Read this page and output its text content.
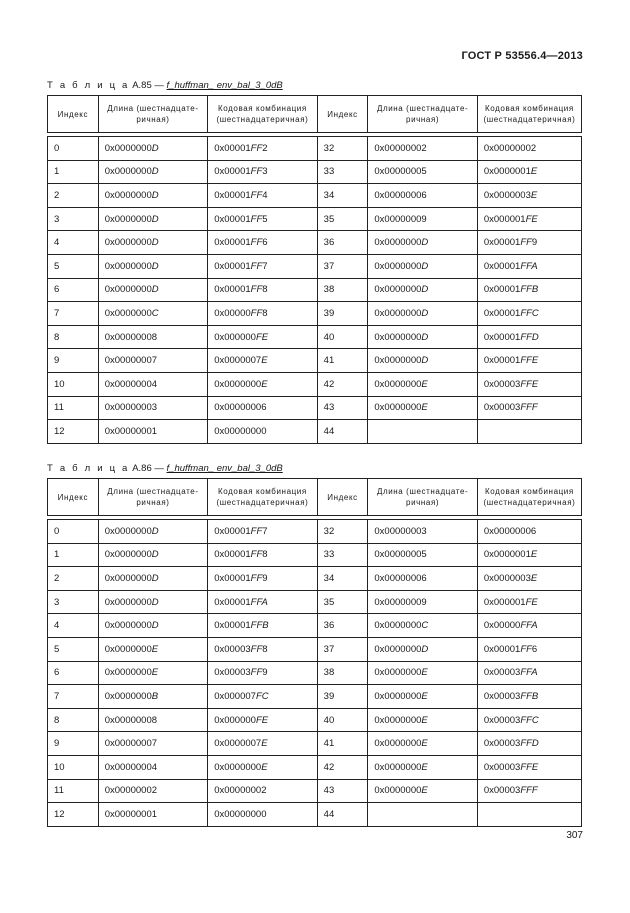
ГОСТ Р 53556.4—2013
Т а б л и ц а A.85 — f_huffman_ env_bal_3_0dB
Индекс	Длина (шестнадцате-ричная)	Кодовая комбинация (шестнадцатеричная)	Индекс	Длина (шестнадцате-ричная)	Кодовая комбинация (шестнадцатеричная)

0	0x0000000D	0x00001FF2	32	0x00000002	0x00000002
1	0x0000000D	0x00001FF3	33	0x00000005	0x0000001E
2	0x0000000D	0x00001FF4	34	0x00000006	0x0000003E
3	0x0000000D	0x00001FF5	35	0x00000009	0x000001FE
4	0x0000000D	0x00001FF6	36	0x0000000D	0x00001FF9
5	0x0000000D	0x00001FF7	37	0x0000000D	0x00001FFA
6	0x0000000D	0x00001FF8	38	0x0000000D	0x00001FFB
7	0x0000000C	0x00000FF8	39	0x0000000D	0x00001FFC
8	0x00000008	0x000000FE	40	0x0000000D	0x00001FFD
9	0x00000007	0x0000007E	41	0x0000000D	0x00001FFE
10	0x00000004	0x0000000E	42	0x0000000E	0x00003FFE
11	0x00000003	0x00000006	43	0x0000000E	0x00003FFF
12	0x00000001	0x00000000	44		
Т а б л и ц а A.86 — f_huffman_ env_bal_3_0dB
Индекс	Длина (шестнадцате-ричная)	Кодовая комбинация (шестнадцатеричная)	Индекс	Длина (шестнадцате-ричная)	Кодовая комбинация (шестнадцатеричная)

0	0x0000000D	0x00001FF7	32	0x00000003	0x00000006
1	0x0000000D	0x00001FF8	33	0x00000005	0x0000001E
2	0x0000000D	0x00001FF9	34	0x00000006	0x0000003E
3	0x0000000D	0x00001FFA	35	0x00000009	0x000001FE
4	0x0000000D	0x00001FFB	36	0x0000000C	0x00000FFA
5	0x0000000E	0x00003FF8	37	0x0000000D	0x00001FF6
6	0x0000000E	0x00003FF9	38	0x0000000E	0x00003FFA
7	0x0000000B	0x000007FC	39	0x0000000E	0x00003FFB
8	0x00000008	0x000000FE	40	0x0000000E	0x00003FFC
9	0x00000007	0x0000007E	41	0x0000000E	0x00003FFD
10	0x00000004	0x0000000E	42	0x0000000E	0x00003FFE
11	0x00000002	0x00000002	43	0x0000000E	0x00003FFF
12	0x00000001	0x00000000	44		
307
